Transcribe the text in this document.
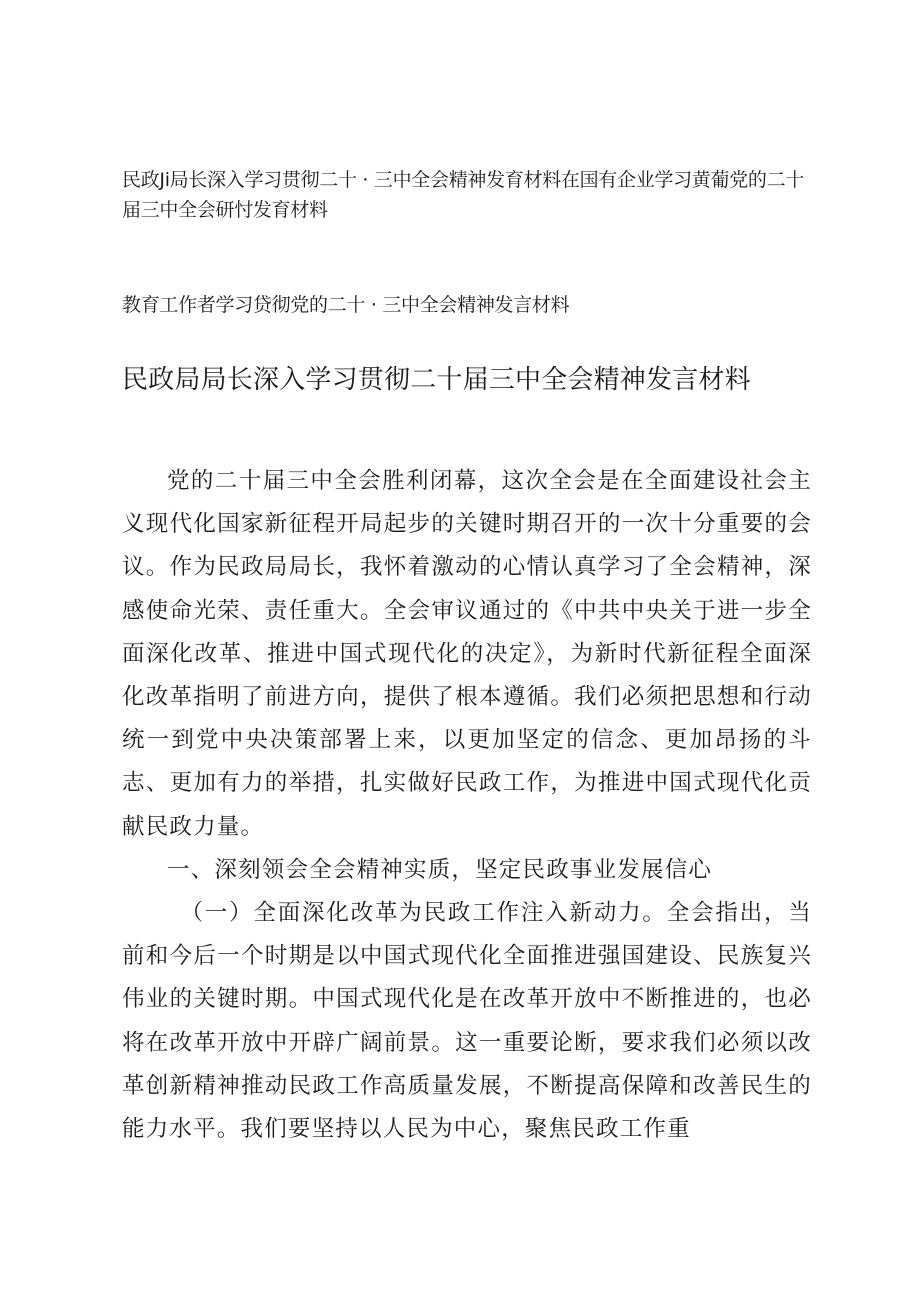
民政Ji局长深入学习贯彻二十 · 三中全会精神发育材料在国有企业学习黄葡党的二十届三中全会研忖发育材料
教育工作者学习贷彻党的二十 · 三中全会精神发言材料
民政局局长深入学习贯彻二十届三中全会精神发言材料

党的二十届三中全会胜利闭幕，这次全会是在全面建设社会主义现代化国家新征程开局起步的关键时期召开的一次十分重要的会议。作为民政局局长，我怀着激动的心情认真学习了全会精神，深感使命光荣、责任重大。全会审议通过的《中共中央关于进一步全面深化改革、推进中国式现代化的决定》，为新时代新征程全面深化改革指明了前进方向，提供了根本遵循。我们必须把思想和行动统一到党中央决策部署上来，以更加坚定的信念、更加昂扬的斗志、更加有力的举措，扎实做好民政工作，为推进中国式现代化贡献民政力量。

一、深刻领会全会精神实质，坚定民政事业发展信心

（一）全面深化改革为民政工作注入新动力。全会指出，当前和今后一个时期是以中国式现代化全面推进强国建设、民族复兴伟业的关键时期。中国式现代化是在改革开放中不断推进的，也必将在改革开放中开辟广阔前景。这一重要论断，要求我们必须以改革创新精神推动民政工作高质量发展，不断提高保障和改善民生的能力水平。我们要坚持以人民为中心，聚焦民政工作重
